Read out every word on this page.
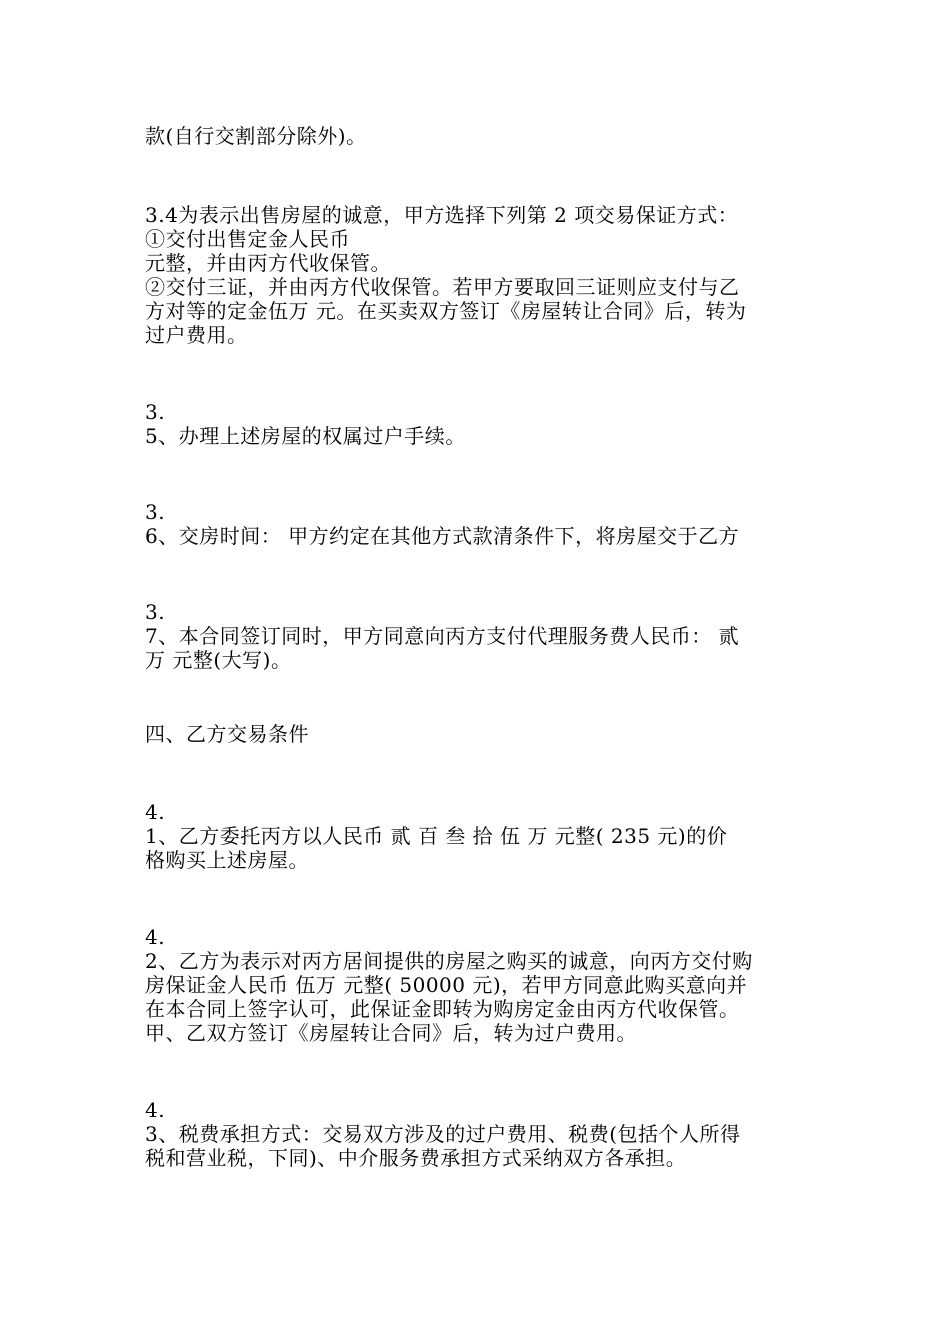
款(自行交割部分除外)。
3.4为表示出售房屋的诚意，甲方选择下列第 2 项交易保证方式：
①交付出售定金人民币
元整，并由丙方代收保管。
②交付三证，并由丙方代收保管。若甲方要取回三证则应支付与乙
方对等的定金伍万 元。在买卖双方签订《房屋转让合同》后，转为
过户费用。
3.
5、办理上述房屋的权属过户手续。
3.
6、交房时间： 甲方约定在其他方式款清条件下，将房屋交于乙方
3.
7、本合同签订同时，甲方同意向丙方支付代理服务费人民币： 贰
万 元整(大写)。
四、乙方交易条件
4.
1、乙方委托丙方以人民币 贰 百 叁 拾 伍 万 元整( 235 元)的价
格购买上述房屋。
4.
2、乙方为表示对丙方居间提供的房屋之购买的诚意，向丙方交付购
房保证金人民币 伍万 元整( 50000 元)，若甲方同意此购买意向并
在本合同上签字认可，此保证金即转为购房定金由丙方代收保管。
甲、乙双方签订《房屋转让合同》后，转为过户费用。
4.
3、税费承担方式：交易双方涉及的过户费用、税费(包括个人所得
税和营业税，下同)、中介服务费承担方式采纳双方各承担。
